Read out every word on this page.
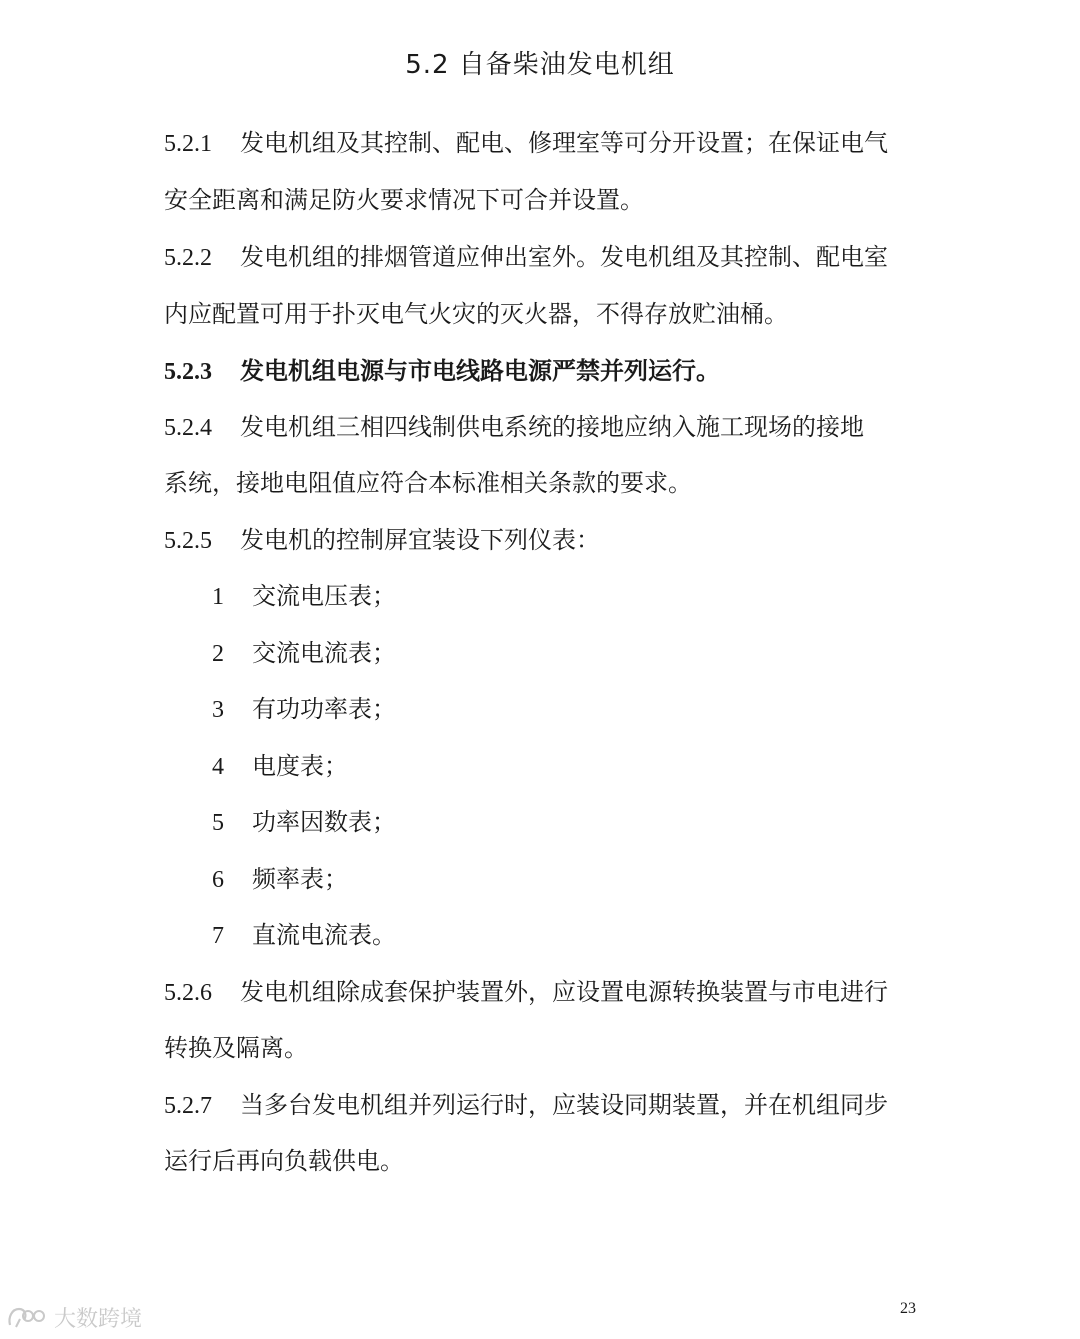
5.2 自备柴油发电机组

5.2.1 发电机组及其控制、配电、修理室等可分开设置；在保证电气

安全距离和满足防火要求情况下可合并设置。

5.2.2 发电机组的排烟管道应伸出室外。发电机组及其控制、配电室

内应配置可用于扑灭电气火灾的灭火器，不得存放贮油桶。

5.2.3 发电机组电源与市电线路电源严禁并列运行。

5.2.4 发电机组三相四线制供电系统的接地应纳入施工现场的接地

系统，接地电阻值应符合本标准相关条款的要求。

5.2.5 发电机的控制屏宜装设下列仪表：

1 交流电压表；
2 交流电流表；
3 有功功率表；
4 电度表；
5 功率因数表；
6 频率表；
7 直流电流表。

5.2.6 发电机组除成套保护装置外，应设置电源转换装置与市电进行

转换及隔离。

5.2.7 当多台发电机组并列运行时，应装设同期装置，并在机组同步

运行后再向负载供电。

23
大数跨境
